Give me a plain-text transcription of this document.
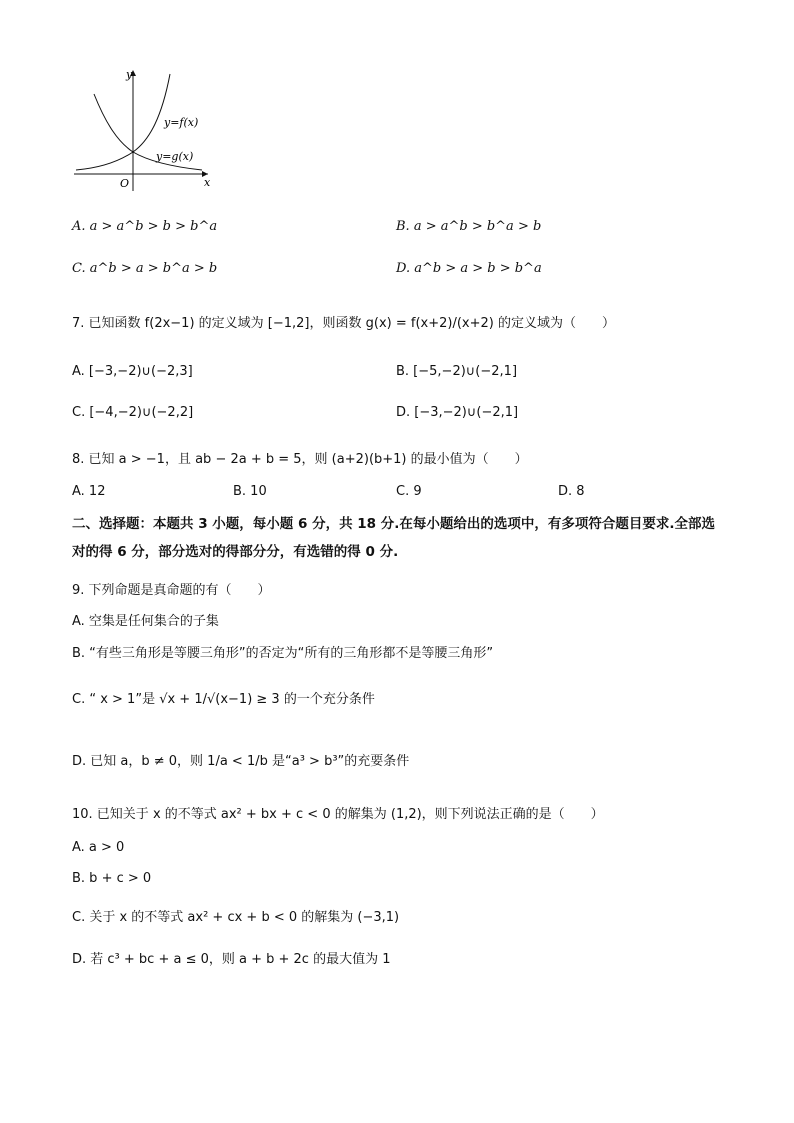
y
x
O
y=f(x)
y=g(x)
A. a > a^b > b > b^a	B. a > a^b > b^a > b
C. a^b > a > b^a > b	D. a^b > a > b > b^a
7. 已知函数 f(2x−1) 的定义域为 [−1,2]，则函数 g(x) = f(x+2)/(x+2) 的定义域为（　　）
A. [−3,−2)∪(−2,3]	B. [−5,−2)∪(−2,1]
C. [−4,−2)∪(−2,2]	D. [−3,−2)∪(−2,1]
8. 已知 a > −1，且 ab − 2a + b = 5，则 (a+2)(b+1) 的最小值为（　　）
A. 12	B. 10	C. 9	D. 8
二、选择题：本题共 3 小题，每小题 6 分，共 18 分.在每小题给出的选项中，有多项符合题目要求.全部选对的得 6 分，部分选对的得部分分，有选错的得 0 分.
9. 下列命题是真命题的有（　　）
A. 空集是任何集合的子集
B. “有些三角形是等腰三角形”的否定为“所有的三角形都不是等腰三角形”
C. “ x > 1”是 √x + 1/√(x−1) ≥ 3 的一个充分条件
D. 已知 a，b ≠ 0，则 1/a < 1/b 是“a³ > b³”的充要条件
10. 已知关于 x 的不等式 ax² + bx + c < 0 的解集为 (1,2)，则下列说法正确的是（　　）
A. a > 0
B. b + c > 0
C. 关于 x 的不等式 ax² + cx + b < 0 的解集为 (−3,1)
D. 若 c³ + bc + a ≤ 0，则 a + b + 2c 的最大值为 1
